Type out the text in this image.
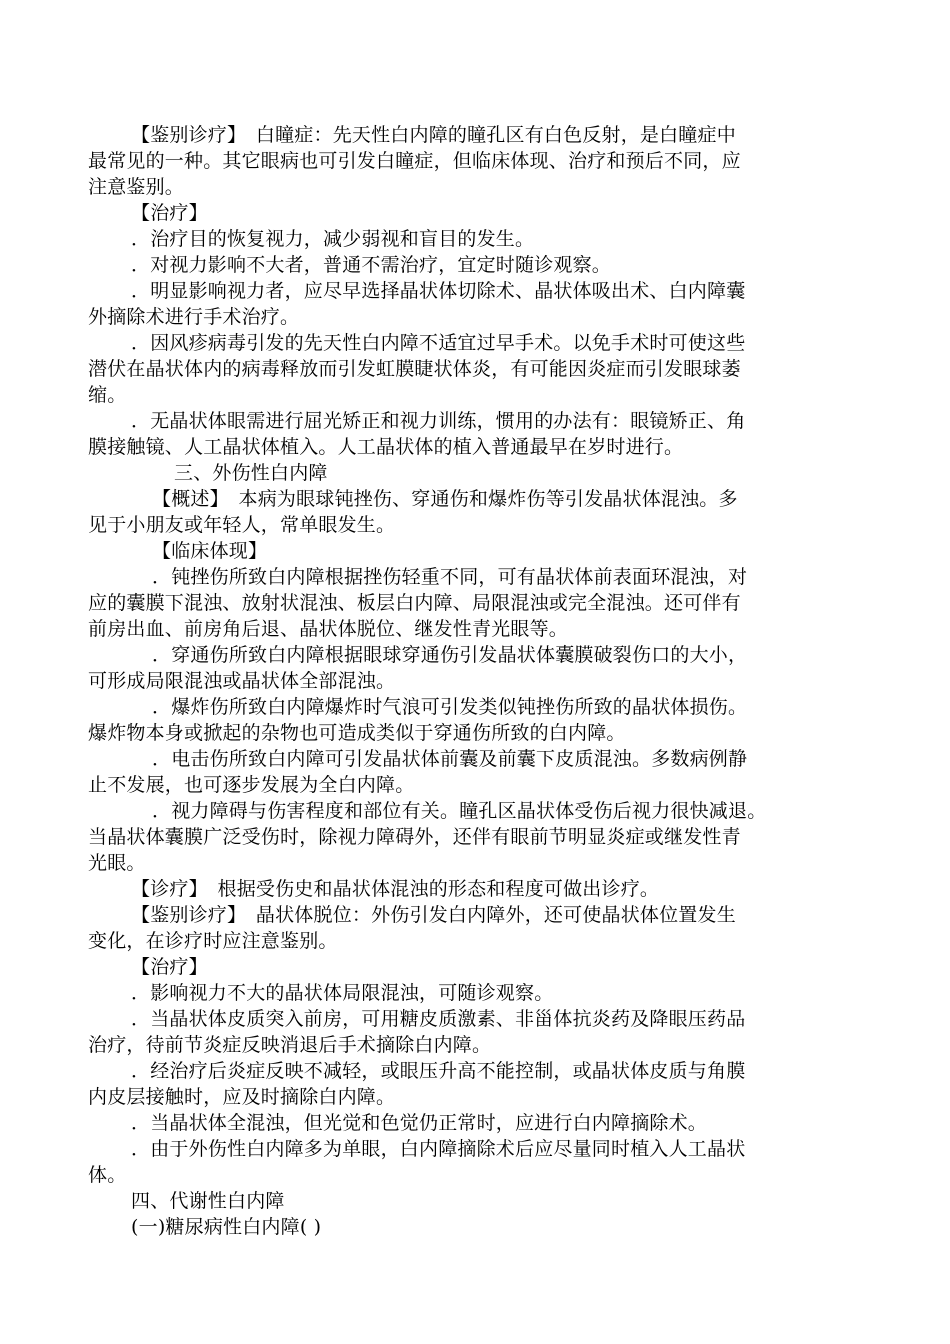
【鉴别诊疗】　白瞳症：先天性白内障的瞳孔区有白色反射，是白瞳症中
最常见的一种。其它眼病也可引发白瞳症，但临床体现、治疗和预后不同，应
注意鉴别。
【治疗】
．治疗目的恢复视力，减少弱视和盲目的发生。
．对视力影响不大者，普通不需治疗，宜定时随诊观察。
．明显影响视力者，应尽早选择晶状体切除术、晶状体吸出术、白内障囊
外摘除术进行手术治疗。
．因风疹病毒引发的先天性白内障不适宜过早手术。以免手术时可使这些
潜伏在晶状体内的病毒释放而引发虹膜睫状体炎，有可能因炎症而引发眼球萎
缩。
．无晶状体眼需进行屈光矫正和视力训练，惯用的办法有：眼镜矫正、角
膜接触镜、人工晶状体植入。人工晶状体的植入普通最早在岁时进行。
三、外伤性白内障
【概述】　本病为眼球钝挫伤、穿通伤和爆炸伤等引发晶状体混浊。多
见于小朋友或年轻人，常单眼发生。
【临床体现】
．钝挫伤所致白内障根据挫伤轻重不同，可有晶状体前表面环混浊，对
应的囊膜下混浊、放射状混浊、板层白内障、局限混浊或完全混浊。还可伴有
前房出血、前房角后退、晶状体脱位、继发性青光眼等。
．穿通伤所致白内障根据眼球穿通伤引发晶状体囊膜破裂伤口的大小，
可形成局限混浊或晶状体全部混浊。
．爆炸伤所致白内障爆炸时气浪可引发类似钝挫伤所致的晶状体损伤。
爆炸物本身或掀起的杂物也可造成类似于穿通伤所致的白内障。
．电击伤所致白内障可引发晶状体前囊及前囊下皮质混浊。多数病例静
止不发展，也可逐步发展为全白内障。
．视力障碍与伤害程度和部位有关。瞳孔区晶状体受伤后视力很快减退。
当晶状体囊膜广泛受伤时，除视力障碍外，还伴有眼前节明显炎症或继发性青
光眼。
【诊疗】　根据受伤史和晶状体混浊的形态和程度可做出诊疗。
【鉴别诊疗】　晶状体脱位：外伤引发白内障外，还可使晶状体位置发生
变化，在诊疗时应注意鉴别。
【治疗】
．影响视力不大的晶状体局限混浊，可随诊观察。
．当晶状体皮质突入前房，可用糖皮质激素、非甾体抗炎药及降眼压药品
治疗，待前节炎症反映消退后手术摘除白内障。
．经治疗后炎症反映不减轻，或眼压升高不能控制，或晶状体皮质与角膜
内皮层接触时，应及时摘除白内障。
．当晶状体全混浊，但光觉和色觉仍正常时，应进行白内障摘除术。
．由于外伤性白内障多为单眼，白内障摘除术后应尽量同时植入人工晶状
体。
四、代谢性白内障
(一)糖尿病性白内障( )
